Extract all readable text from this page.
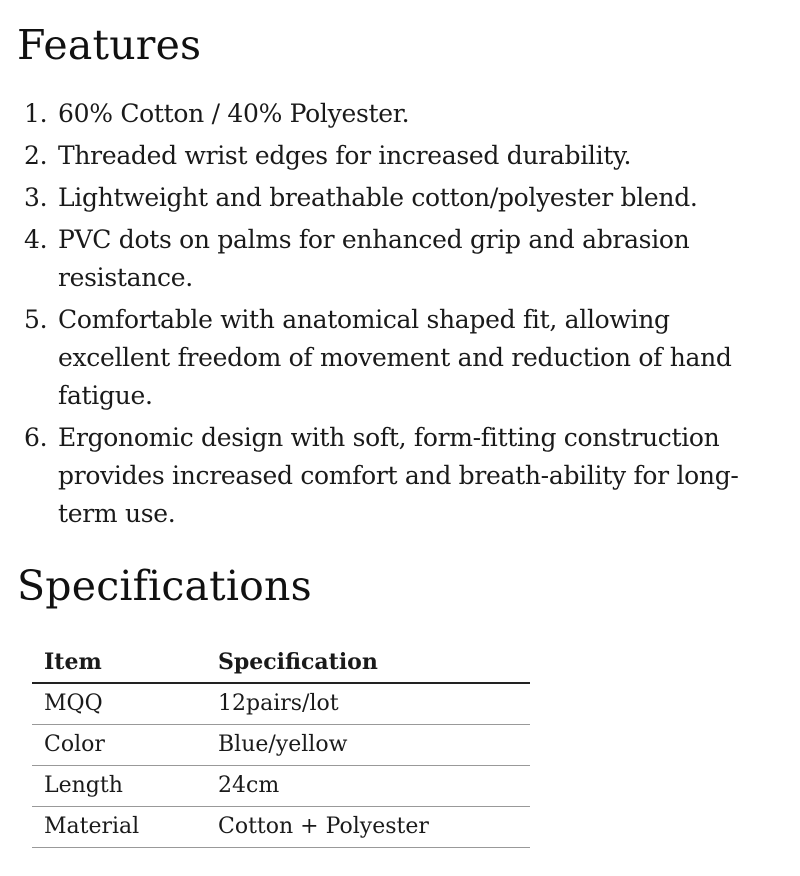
Features
1. 60% Cotton / 40% Polyester.
2. Threaded wrist edges for increased durability.
3. Lightweight and breathable cotton/polyester blend.
4. PVC dots on palms for enhanced grip and abrasion resistance.
5. Comfortable with anatomical shaped fit, allowing excellent freedom of movement and reduction of hand fatigue.
6. Ergonomic design with soft, form-fitting construction provides increased comfort and breath-ability for long-term use.
Specifications
Item	Specification
MQQ	12pairs/lot
Color	Blue/yellow
Length	24cm
Material	Cotton + Polyester
